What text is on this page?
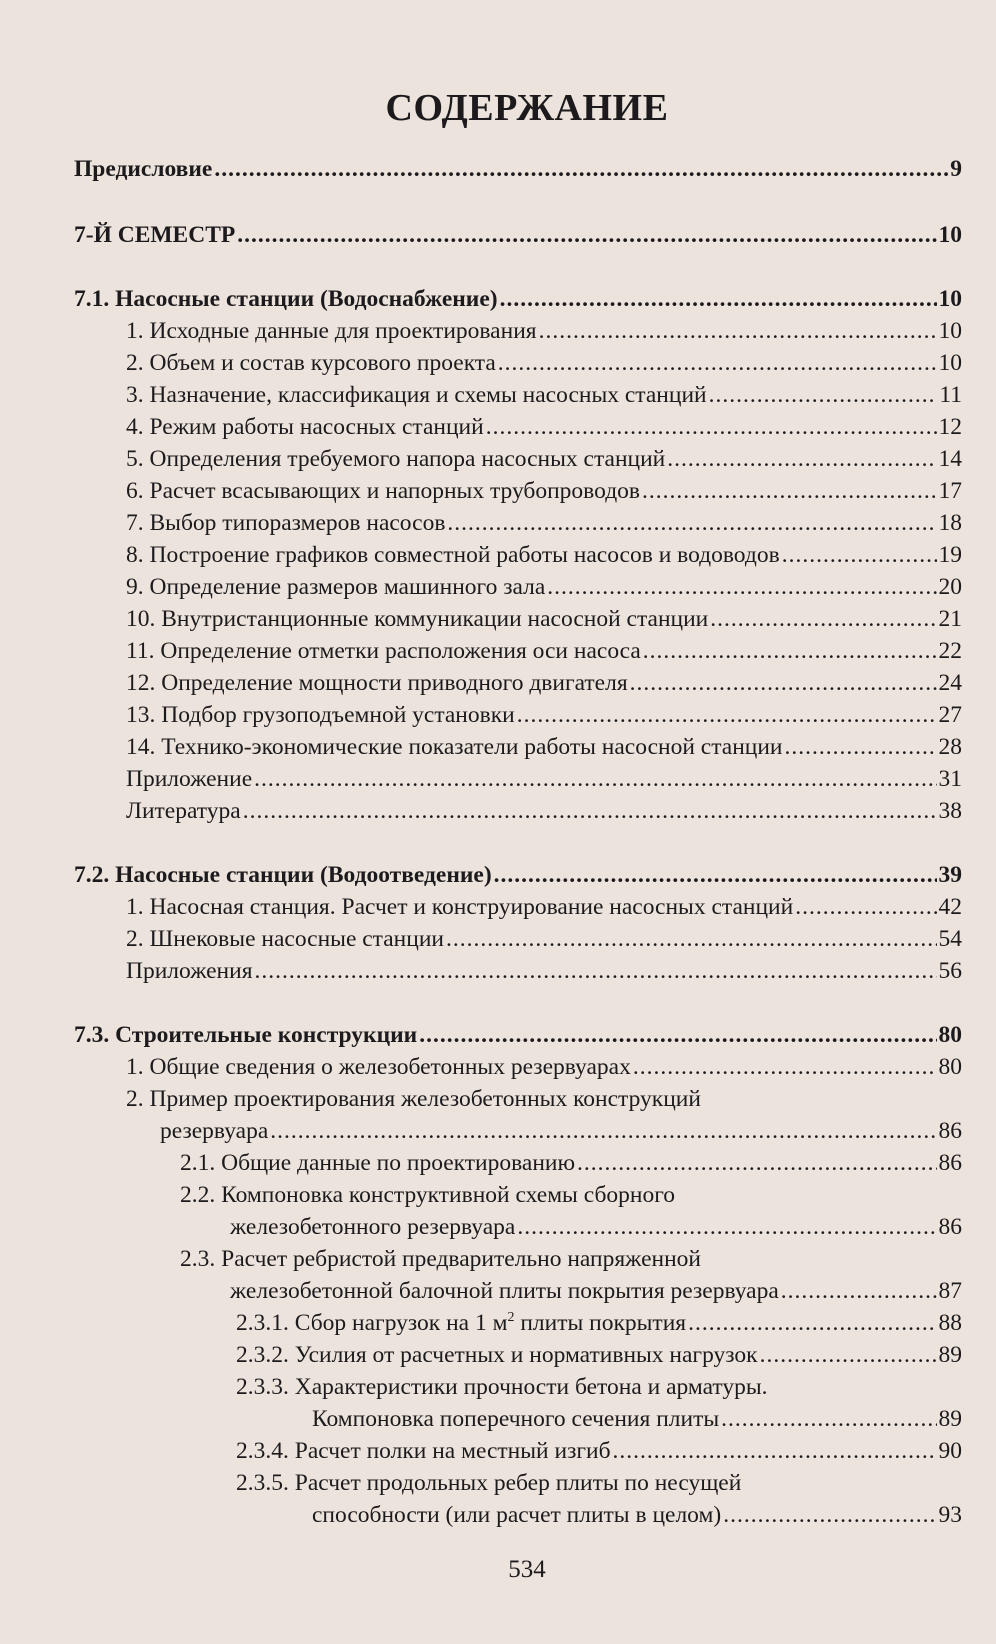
СОДЕРЖАНИЕ
Предисловие .....	9
7-Й СЕМЕСТР .....	10
7.1. Насосные станции (Водоснабжение) .....	10
1. Исходные данные для проектирования .....	10
2. Объем и состав курсового проекта .....	10
3. Назначение, классификация и схемы насосных станций .....	11
4. Режим работы насосных станций .....	12
5. Определения требуемого напора насосных станций .....	14
6. Расчет всасывающих и напорных трубопроводов .....	17
7. Выбор типоразмеров насосов .....	18
8. Построение графиков совместной работы насосов и водоводов .....	19
9. Определение размеров машинного зала .....	20
10. Внутристанционные коммуникации насосной станции .....	21
11. Определение отметки расположения оси насоса .....	22
12. Определение мощности приводного двигателя .....	24
13. Подбор грузоподъемной установки .....	27
14. Технико-экономические показатели работы насосной станции .....	28
Приложение .....	31
Литература .....	38
7.2. Насосные станции (Водоотведение) .....	39
1. Насосная станция. Расчет и конструирование насосных станций .....	42
2. Шнековые насосные станции .....	54
Приложения .....	56
7.3. Строительные конструкции .....	80
1. Общие сведения о железобетонных резервуарах .....	80
2. Пример проектирования железобетонных конструкций
резервуара .....	86
2.1. Общие данные по проектированию .....	86
2.2. Компоновка конструктивной схемы сборного
железобетонного резервуара .....	86
2.3. Расчет ребристой предварительно напряженной
железобетонной балочной плиты покрытия резервуара .....	87
2.3.1. Сбор нагрузок на 1 $м^2$ плиты покрытия .....	88
2.3.2. Усилия от расчетных и нормативных нагрузок .....	89
2.3.3. Характеристики прочности бетона и арматуры.
Компоновка поперечного сечения плиты .....	89
2.3.4. Расчет полки на местный изгиб .....	90
2.3.5. Расчет продольных ребер плиты по несущей
способности (или расчет плиты в целом) .....	93
534
